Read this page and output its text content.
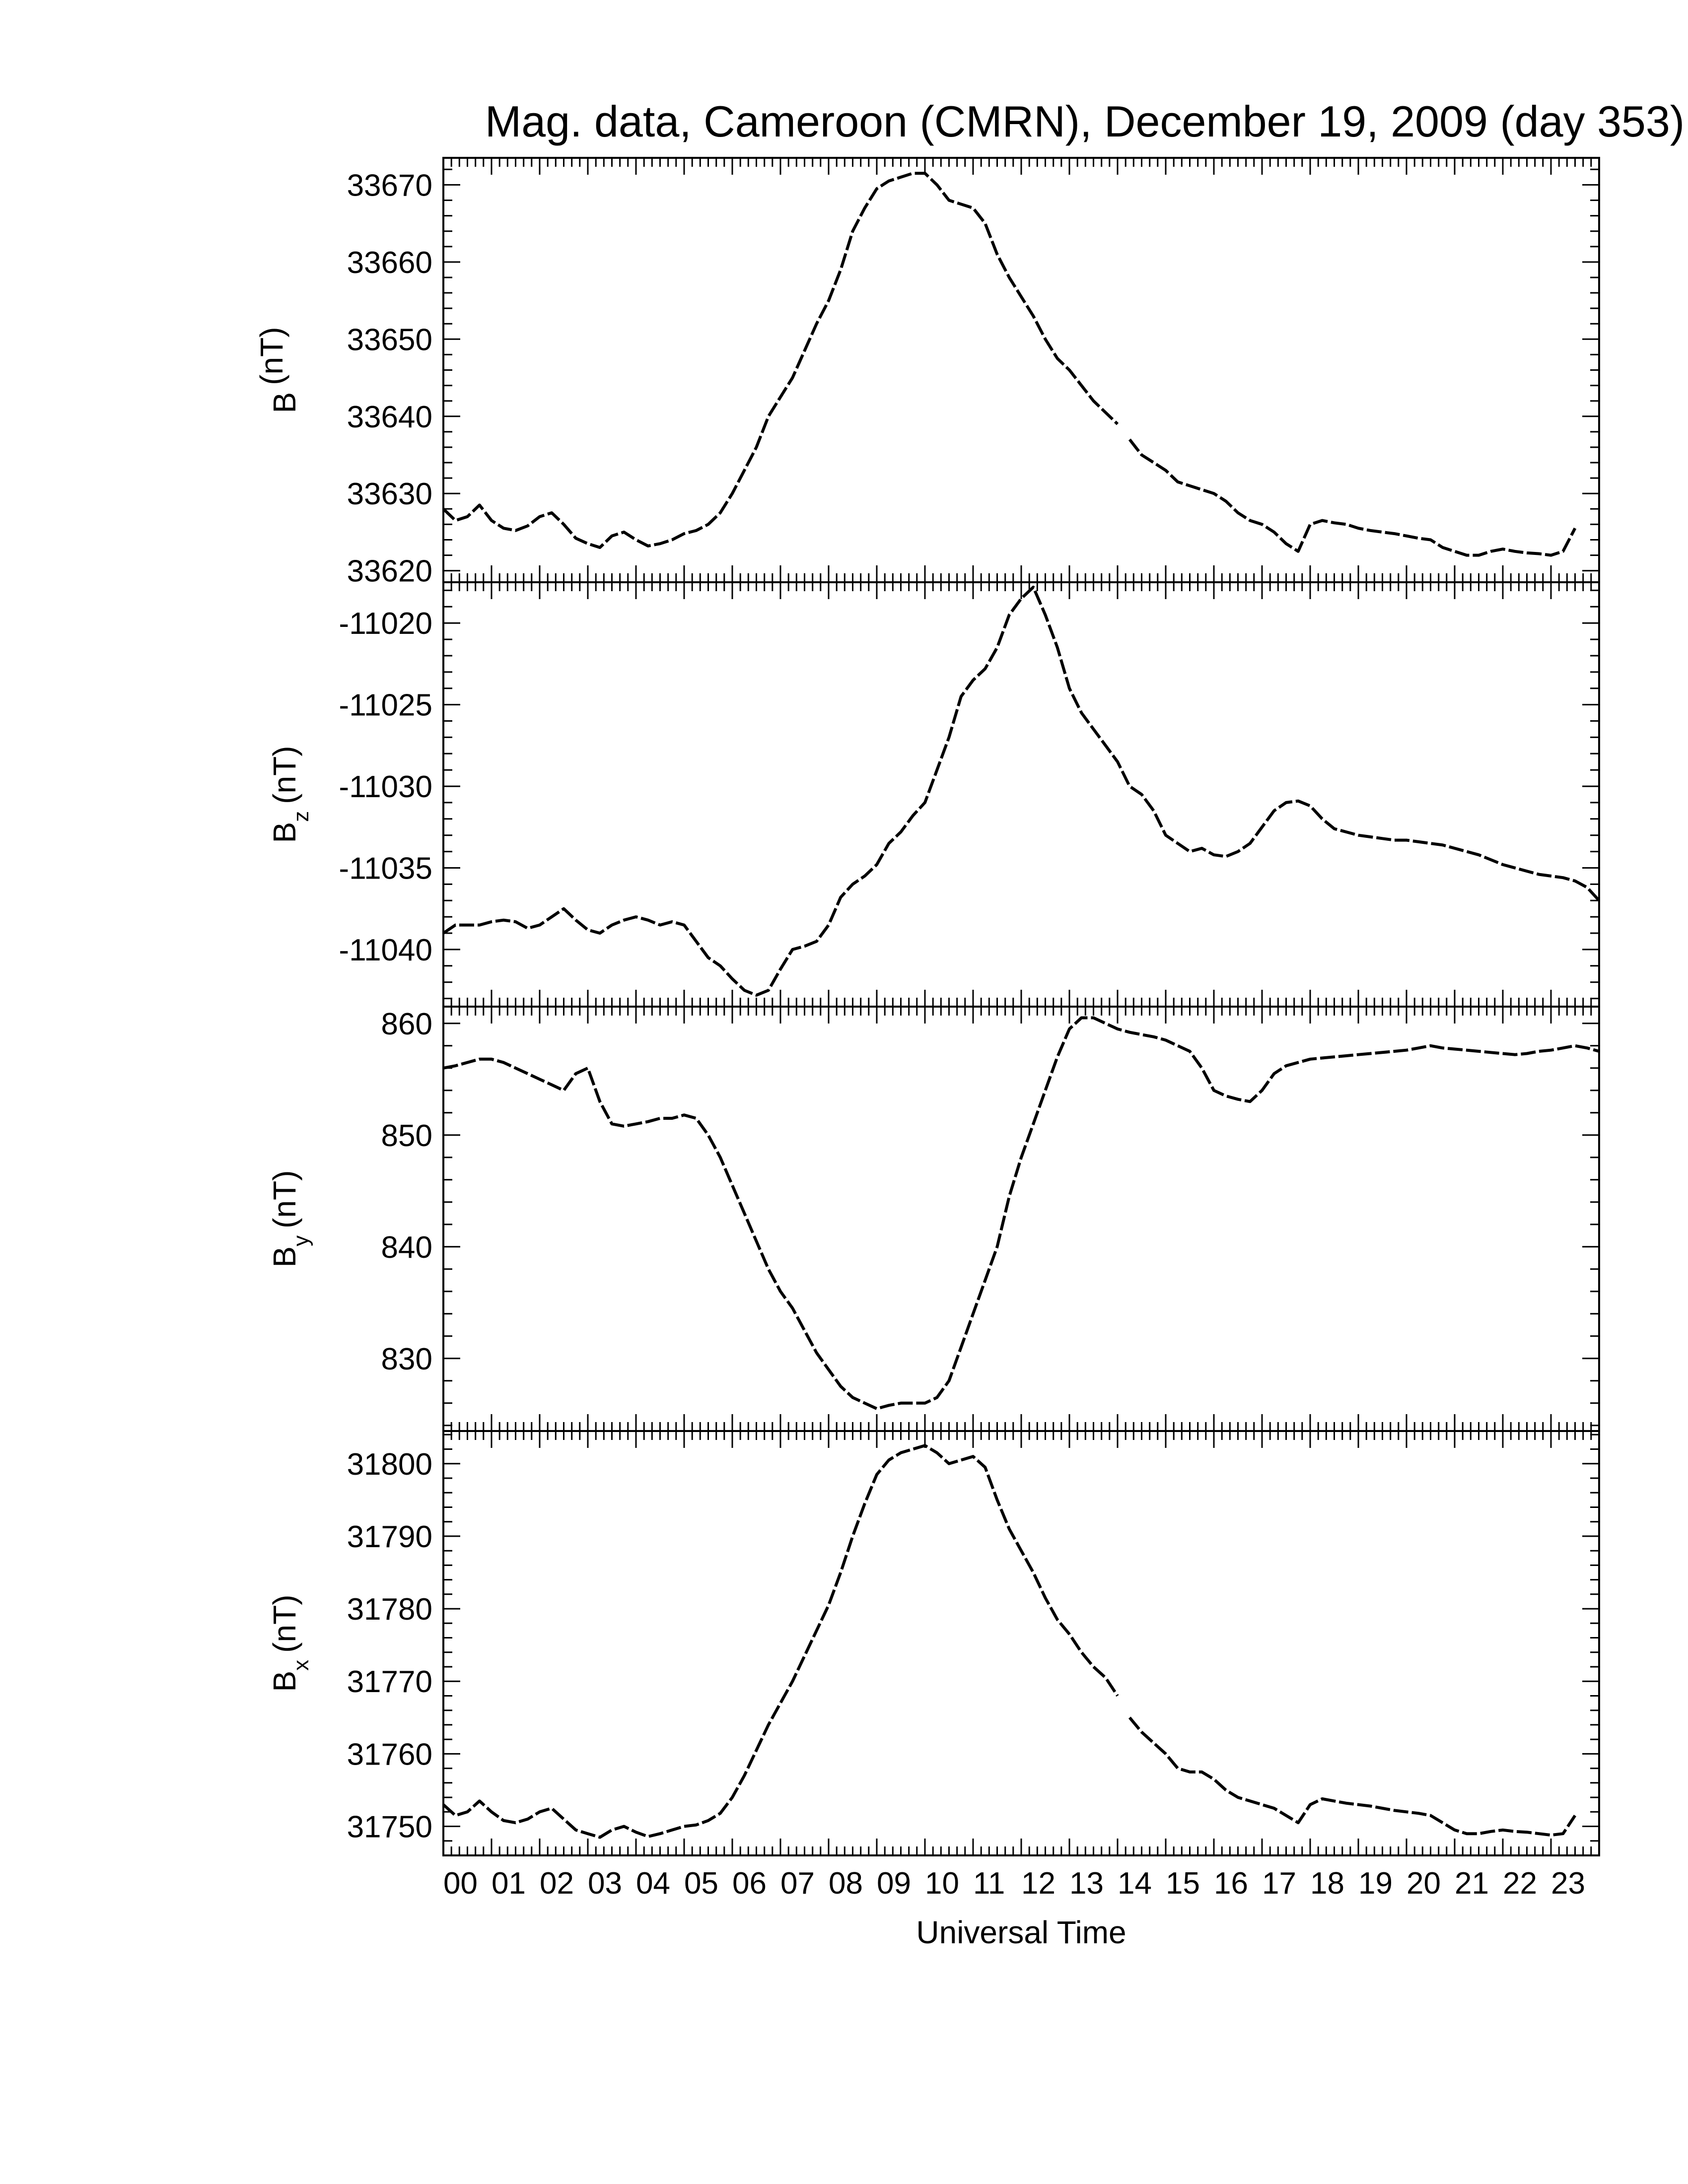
Mag. data, Cameroon (CMRN), December 19, 2009 (day 353)
33620
33630
33640
33650
33660
33670
B(nT)
-11040
-11035
-11030
-11025
-11020
$B_z(nT)$
830
840
850
860
$B_y(nT)$
31750
31760
31770
31780
31790
31800
$B_x(nT)$
00 01 02 03 04 05 06 07 08 09 10 11 12 13 14 15 16 17 18 19 20 21 22 23
Universal Time
